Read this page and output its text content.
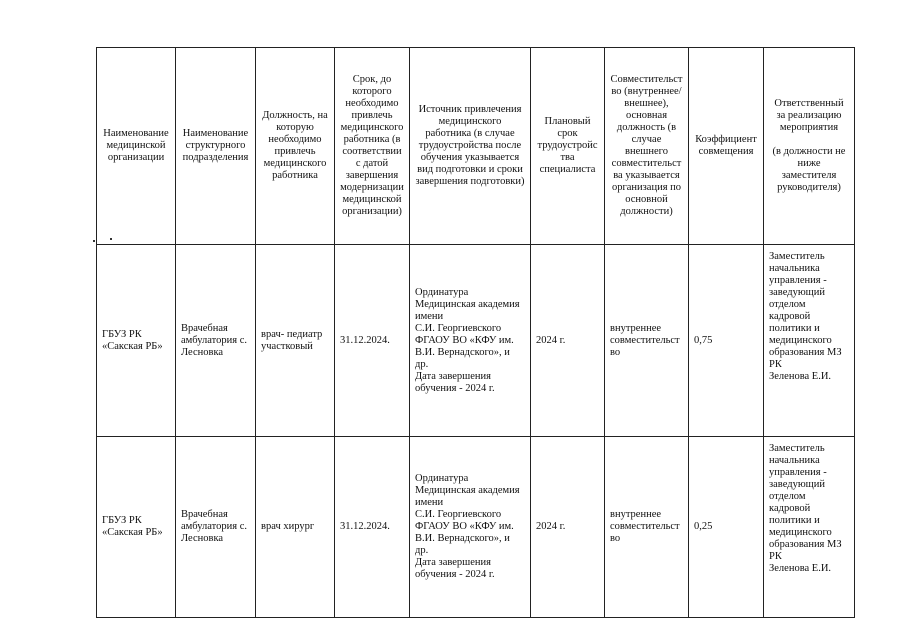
Наименование медицинской организации	Наименование структурного подразделения	Должность, на которую необходимо привлечь медицинского работника	Срок, до которого необходимо привлечь медицинского работника (в соответствии с датой завершения модернизации медицинской организации)	Источник привлечения медицинского работника (в случае трудоустройства после обучения указывается вид подготовки и сроки завершения подготовки)	Плановый срок трудоустройства специалиста	Совместительство (внутреннее/ внешнее), основная должность (в случае внешнего совместительства указывается организация по основной должности)	Коэффициент совмещения	Ответственный за реализацию мероприятия

(в должности не ниже заместителя руководителя)
ГБУЗ РК «Сакская РБ»	Врачебная амбулатория с. Лесновка	врач- педиатр участковый	31.12.2024.	Ординатура
Медицинская академия имени
С.И. Георгиевского ФГАОУ ВО «КФУ им. В.И. Вернадского», и др.
Дата завершения обучения - 2024 г.	2024 г.	внутреннее совместительство	0,75	Заместитель начальника управления - заведующий отделом кадровой политики и медицинского образования МЗ РК
Зеленова Е.И.
ГБУЗ РК «Сакская РБ»	Врачебная амбулатория с. Лесновка	врач хирург	31.12.2024.	Ординатура
Медицинская академия имени
С.И. Георгиевского ФГАОУ ВО «КФУ им. В.И. Вернадского», и др.
Дата завершения обучения - 2024 г.	2024 г.	внутреннее совместительство	0,25	Заместитель начальника управления - заведующий отделом кадровой политики и медицинского образования МЗ РК
Зеленова Е.И.
